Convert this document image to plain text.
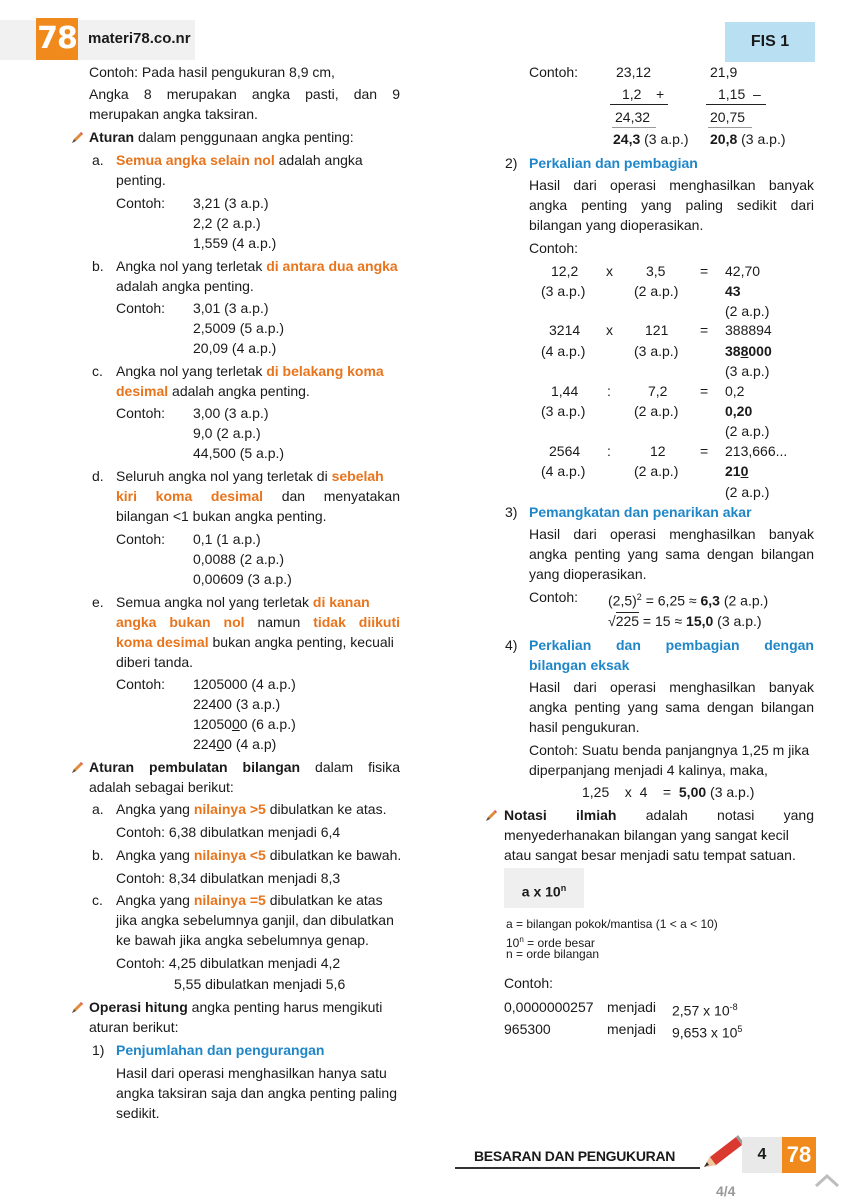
78 materi78.co.nr	FIS 1
Contoh: Pada hasil pengukuran 8,9 cm,
Angka 8 merupakan angka pasti, dan 9
merupakan angka taksiran.
Aturan dalam penggunaan angka penting:
a. Semua angka selain nol adalah angka
penting.
Contoh: 3,21 (3 a.p.)
2,2 (2 a.p.)
1,559 (4 a.p.)
b. Angka nol yang terletak di antara dua angka
adalah angka penting.
Contoh: 3,01 (3 a.p.)
2,5009 (5 a.p.)
20,09 (4 a.p.)
c. Angka nol yang terletak di belakang koma
desimal adalah angka penting.
Contoh: 3,00 (3 a.p.)
9,0 (2 a.p.)
44,500 (5 a.p.)
d. Seluruh angka nol yang terletak di sebelah
kiri koma desimal dan menyatakan
bilangan <1 bukan angka penting.
Contoh: 0,1 (1 a.p.)
0,0088 (2 a.p.)
0,00609 (3 a.p.)
e. Semua angka nol yang terletak di kanan
angka bukan nol namun tidak diikuti
koma desimal bukan angka penting, kecuali
diberi tanda.
Contoh: 1205000 (4 a.p.)
22400 (3 a.p.)
1205000 (6 a.p.)
22400 (4 a.p)
Aturan pembulatan bilangan dalam fisika
adalah sebagai berikut:
a. Angka yang nilainya >5 dibulatkan ke atas.
Contoh: 6,38 dibulatkan menjadi 6,4
b. Angka yang nilainya <5 dibulatkan ke bawah.
Contoh: 8,34 dibulatkan menjadi 8,3
c. Angka yang nilainya =5 dibulatkan ke atas
jika angka sebelumnya ganjil, dan dibulatkan
ke bawah jika angka sebelumnya genap.
Contoh: 4,25 dibulatkan menjadi 4,2
5,55 dibulatkan menjadi 5,6
Operasi hitung angka penting harus mengikuti
aturan berikut:
1) Penjumlahan dan pengurangan
Hasil dari operasi menghasilkan hanya satu
angka taksiran saja dan angka penting paling
sedikit.
Contoh:	23,12
1,2 +
24,32
24,3 (3 a.p.)
21,9
1,15 –
20,75
20,8 (3 a.p.)
2) Perkalian dan pembagian
Hasil dari operasi menghasilkan banyak
angka penting yang paling sedikit dari
bilangan yang dioperasikan.
Contoh:
12,2 x 3,5 = 42,70
(3 a.p.)	(2 a.p.)	43
(2 a.p.)
3214 x 121 = 388894
(4 a.p.)	(3 a.p.)	388000
(3 a.p.)
1,44 :	7,2 = 0,2
(3 a.p.)	(2 a.p.)	0,20
(2 a.p.)
2564 :	12 = 213,666...
(4 a.p.)	(2 a.p.)	210
(2 a.p.)
3) Pemangkatan dan penarikan akar
Hasil dari operasi menghasilkan banyak
angka penting yang sama dengan bilangan
yang dioperasikan.
Contoh: $(2,5)^2 = 6,25 \approx 6,3$ (2 a.p.)
√225 = 15 ≈ 15,0 (3 a.p.)
4) Perkalian dan pembagian dengan
bilangan eksak
Hasil dari operasi menghasilkan banyak
angka penting yang sama dengan bilangan
hasil pengukuran.
Contoh: Suatu benda panjangnya 1,25 m jika
diperpanjang menjadi 4 kalinya, maka,
1,25    x  4    =  5,00 (3 a.p.)
Notasi ilmiah adalah notasi yang
menyederhanakan bilangan yang sangat kecil
atau sangat besar menjadi satu tempat satuan.
a x 10$^n$
a = bilangan pokok/mantisa (1 < a < 10)
$10^n$ = orde besar
n = orde bilangan
Contoh:
0,0000000257 menjadi 2,57 x $10^{-8}$
965300	menjadi 9,653 x $10^5$
BESARAN DAN PENGUKURAN	4 78
4/4
